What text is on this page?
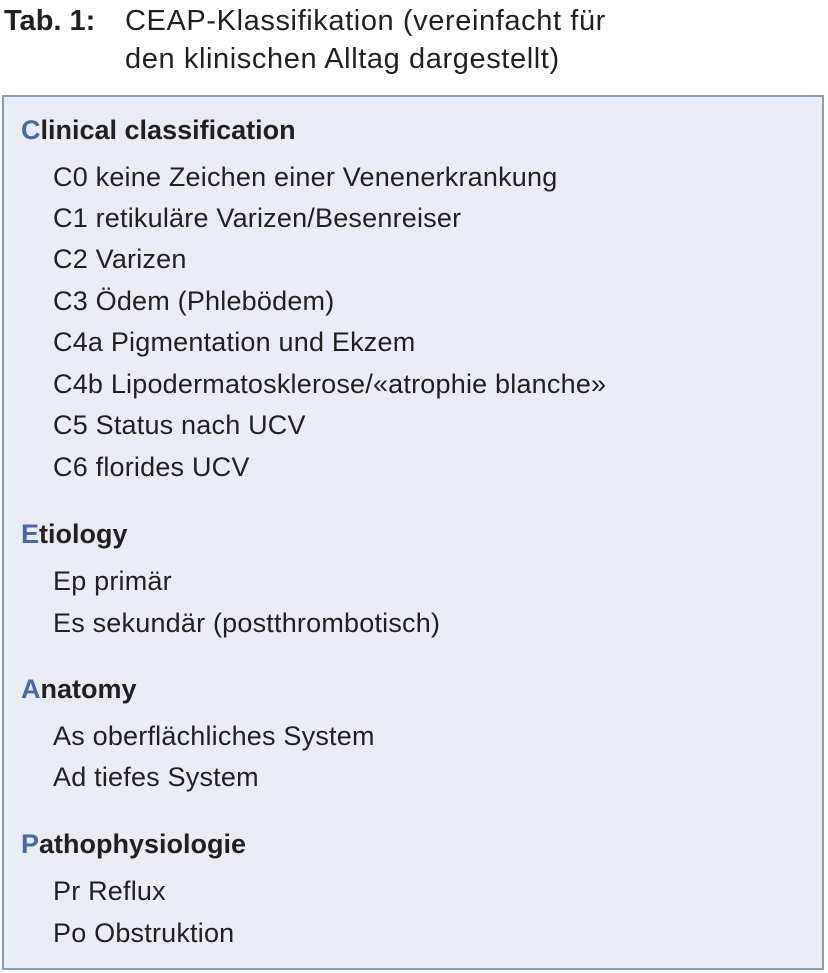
Tab. 1: CEAP-Klassifikation (vereinfacht für
den klinischen Alltag dargestellt)
Clinical classification
C0 keine Zeichen einer Venenerkrankung
C1 retikuläre Varizen/Besenreiser
C2 Varizen
C3 Ödem (Phlebödem)
C4a Pigmentation und Ekzem
C4b Lipodermatosklerose/«atrophie blanche»
C5 Status nach UCV
C6 florides UCV
Etiology
Ep primär
Es sekundär (postthrombotisch)
Anatomy
As oberflächliches System
Ad tiefes System
Pathophysiologie
Pr Reflux
Po Obstruktion
